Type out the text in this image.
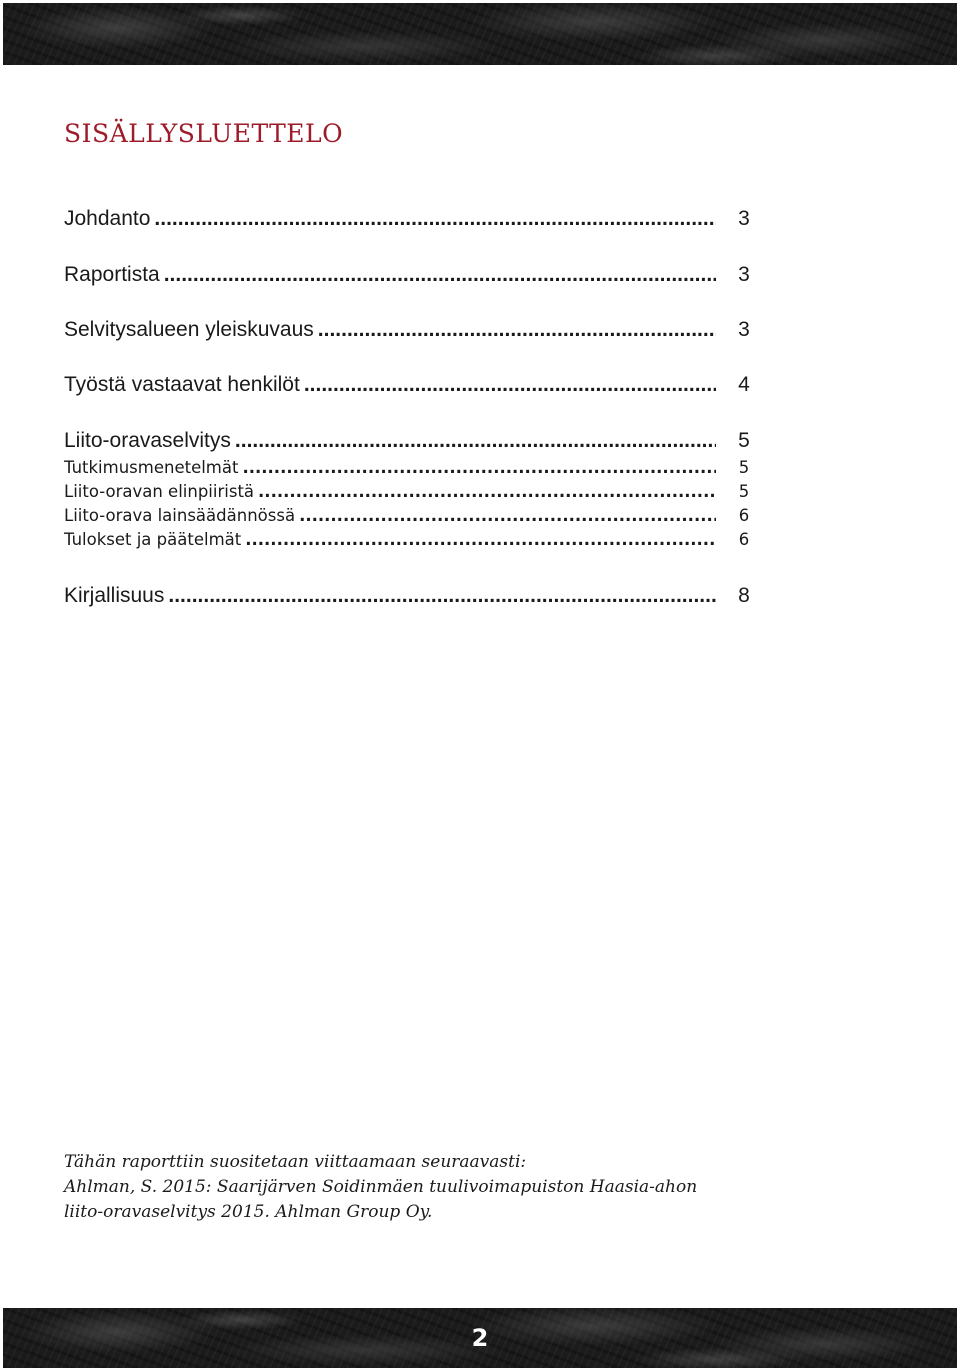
SISÄLLYSLUETTELO
Johdanto .....	3
Raportista .....	3
Selvitysalueen yleiskuvaus .....	3
Työstä vastaavat henkilöt .....	4
Liito-oravaselvitys .....	5
Tutkimusmenetelmät .....	5
Liito-oravan elinpiiristä .....	5
Liito-orava lainsäädännössä .....	6
Tulokset ja päätelmät .....	6
Kirjallisuus .....	8
Tähän raporttiin suositetaan viittaamaan seuraavasti:
Ahlman, S. 2015: Saarijärven Soidinmäen tuulivoimapuiston Haasia-ahon
liito-oravaselvitys 2015. Ahlman Group Oy.
2
